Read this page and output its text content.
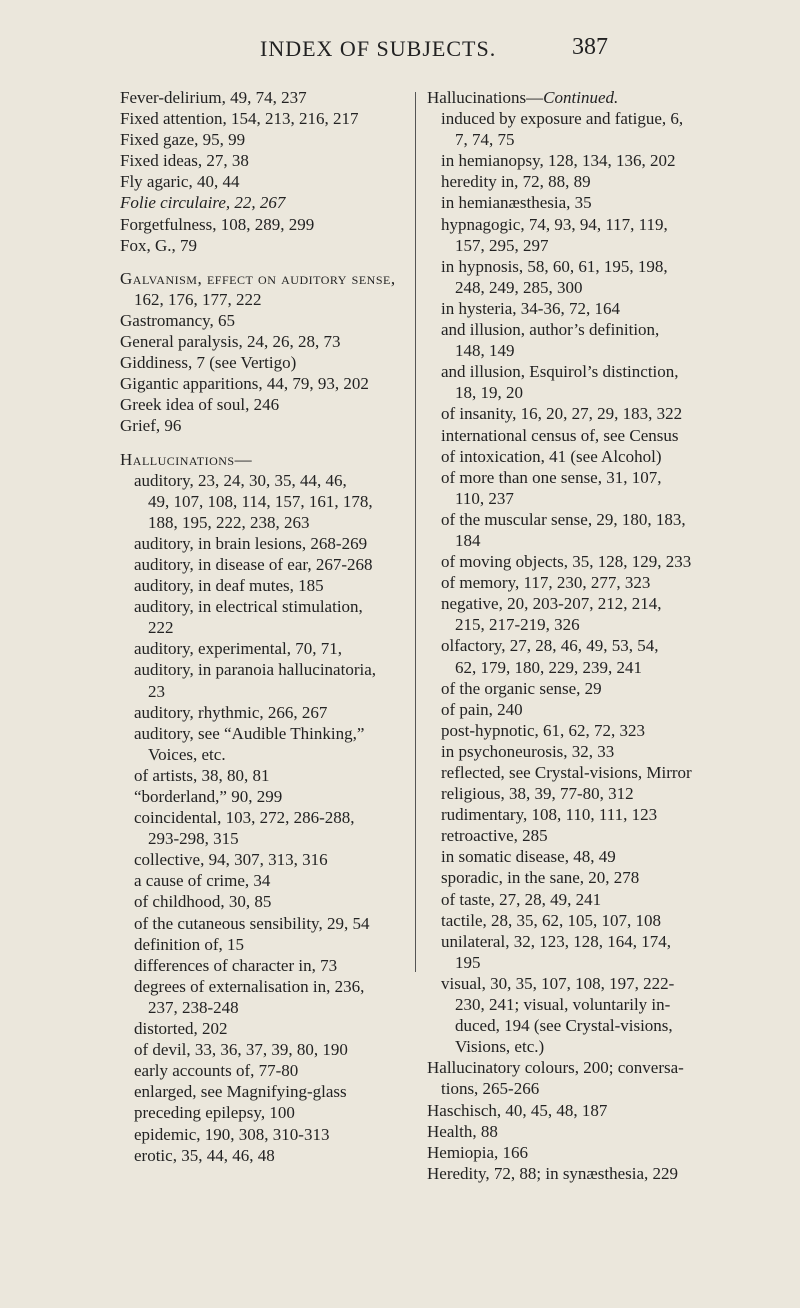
INDEX OF SUBJECTS.	387
Fever-delirium, 49, 74, 237
Fixed attention, 154, 213, 216, 217
Fixed gaze, 95, 99
Fixed ideas, 27, 38
Fly agaric, 40, 44
Folie circulaire, 22, 267
Forgetfulness, 108, 289, 299
Fox, G., 79
Galvanism, effect on auditory sense,
162, 176, 177, 222
Gastromancy, 65
General paralysis, 24, 26, 28, 73
Giddiness, 7 (see Vertigo)
Gigantic apparitions, 44, 79, 93, 202
Greek idea of soul, 246
Grief, 96
Hallucinations—
auditory, 23, 24, 30, 35, 44, 46,
49, 107, 108, 114, 157, 161, 178,
188, 195, 222, 238, 263
auditory, in brain lesions, 268-269
auditory, in disease of ear, 267-268
auditory, in deaf mutes, 185
auditory, in electrical stimulation,
222
auditory, experimental, 70, 71,
auditory, in paranoia hallucinatoria,
23
auditory, rhythmic, 266, 267
auditory, see “Audible Thinking,”
Voices, etc.
of artists, 38, 80, 81
“borderland,” 90, 299
coincidental, 103, 272, 286-288,
293-298, 315
collective, 94, 307, 313, 316
a cause of crime, 34
of childhood, 30, 85
of the cutaneous sensibility, 29, 54
definition of, 15
differences of character in, 73
degrees of externalisation in, 236,
237, 238-248
distorted, 202
of devil, 33, 36, 37, 39, 80, 190
early accounts of, 77-80
enlarged, see Magnifying-glass
preceding epilepsy, 100
epidemic, 190, 308, 310-313
erotic, 35, 44, 46, 48
Hallucinations—Continued.
induced by exposure and fatigue, 6,
7, 74, 75
in hemianopsy, 128, 134, 136, 202
heredity in, 72, 88, 89
in hemianæsthesia, 35
hypnagogic, 74, 93, 94, 117, 119,
157, 295, 297
in hypnosis, 58, 60, 61, 195, 198,
248, 249, 285, 300
in hysteria, 34-36, 72, 164
and illusion, author’s definition,
148, 149
and illusion, Esquirol’s distinction,
18, 19, 20
of insanity, 16, 20, 27, 29, 183, 322
international census of, see Census
of intoxication, 41 (see Alcohol)
of more than one sense, 31, 107,
110, 237
of the muscular sense, 29, 180, 183,
184
of moving objects, 35, 128, 129, 233
of memory, 117, 230, 277, 323
negative, 20, 203-207, 212, 214,
215, 217-219, 326
olfactory, 27, 28, 46, 49, 53, 54,
62, 179, 180, 229, 239, 241
of the organic sense, 29
of pain, 240
post-hypnotic, 61, 62, 72, 323
in psychoneurosis, 32, 33
reflected, see Crystal-visions, Mirror
religious, 38, 39, 77-80, 312
rudimentary, 108, 110, 111, 123
retroactive, 285
in somatic disease, 48, 49
sporadic, in the sane, 20, 278
of taste, 27, 28, 49, 241
tactile, 28, 35, 62, 105, 107, 108
unilateral, 32, 123, 128, 164, 174,
195
visual, 30, 35, 107, 108, 197, 222-
230, 241; visual, voluntarily in-
duced, 194 (see Crystal-visions,
Visions, etc.)
Hallucinatory colours, 200; conversa-
tions, 265-266
Haschisch, 40, 45, 48, 187
Health, 88
Hemiopia, 166
Heredity, 72, 88; in synæsthesia, 229
